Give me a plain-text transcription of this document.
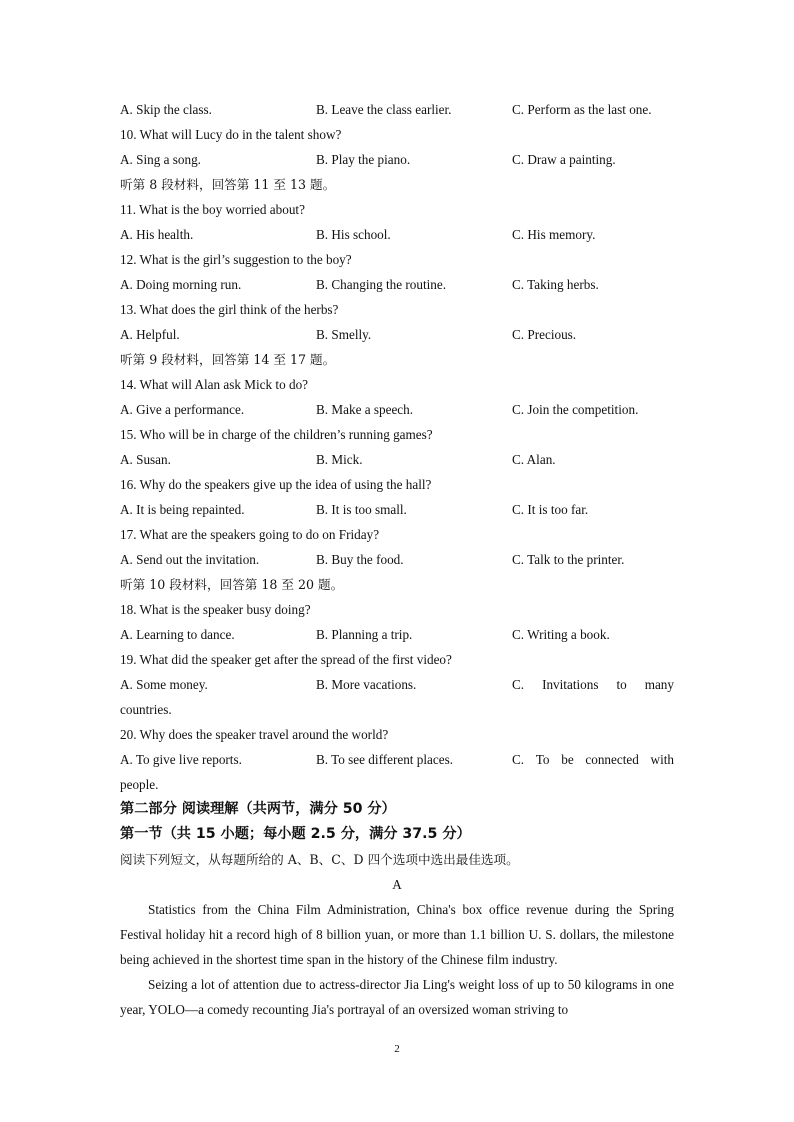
A. Skip the class.	B. Leave the class earlier.	C. Perform as the last one.
10. What will Lucy do in the talent show?
A. Sing a song.	B. Play the piano.	C. Draw a painting.
听第 8 段材料，回答第 11 至 13 题。
11. What is the boy worried about?
A. His health.	B. His school.	C. His memory.
12. What is the girl’s suggestion to the boy?
A. Doing morning run.	B. Changing the routine.	C. Taking herbs.
13. What does the girl think of the herbs?
A. Helpful.	B. Smelly.	C. Precious.
听第 9 段材料，回答第 14 至 17 题。
14. What will Alan ask Mick to do?
A. Give a performance.	B. Make a speech.	C. Join the competition.
15. Who will be in charge of the children’s running games?
A. Susan.	B. Mick.	C. Alan.
16. Why do the speakers give up the idea of using the hall?
A. It is being repainted.	B. It is too small.	C. It is too far.
17. What are the speakers going to do on Friday?
A. Send out the invitation.	B. Buy the food.	C. Talk to the printer.
听第 10 段材料，回答第 18 至 20 题。
18. What is the speaker busy doing?
A. Learning to dance.	B. Planning a trip.	C. Writing a book.
19. What did the speaker get after the spread of the first video?
A. Some money.	B. More vacations.	C. Invitations to many
countries.
20. Why does the speaker travel around the world?
A. To give live reports.	B. To see different places.	C. To be connected with
people.
第二部分 阅读理解（共两节，满分 50 分）
第一节（共 15 小题；每小题 2.5 分，满分 37.5 分）
阅读下列短文，从每题所给的 A、B、C、D 四个选项中选出最佳选项。
A
Statistics from the China Film Administration, China's box office revenue during the Spring Festival holiday hit a record high of 8 billion yuan, or more than 1.1 billion U. S. dollars, the milestone being achieved in the shortest time span in the history of the Chinese film industry.
Seizing a lot of attention due to actress-director Jia Ling's weight loss of up to 50 kilograms in one year, YOLO—a comedy recounting Jia's portrayal of an oversized woman striving to
2
